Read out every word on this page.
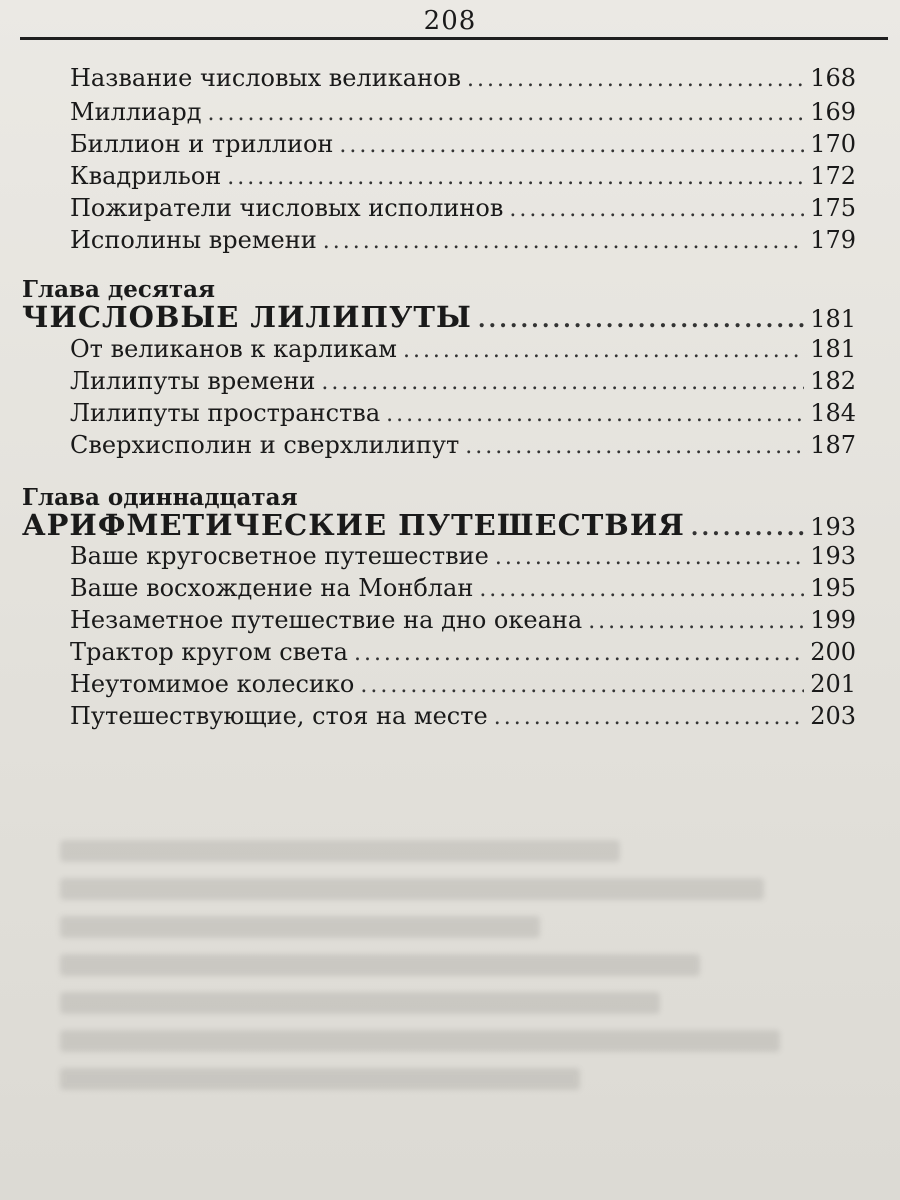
208
Название числовых великанов .....	168
Миллиард .....	169
Биллион и триллион .....	170
Квадрильон .....	172
Пожиратели числовых исполинов .....	175
Исполины времени .....	179
Глава десятая
ЧИСЛОВЫЕ ЛИЛИПУТЫ .....	181
От великанов к карликам .....	181
Лилипуты времени .....	182
Лилипуты пространства .....	184
Сверхисполин и сверхлилипут .....	187
Глава одиннадцатая
АРИФМЕТИЧЕСКИЕ ПУТЕШЕСТВИЯ .....	193
Ваше кругосветное путешествие .....	193
Ваше восхождение на Монблан .....	195
Незаметное путешествие на дно океана .....	199
Трактор кругом света .....	200
Неутомимое колесико .....	201
Путешествующие, стоя на месте .....	203
